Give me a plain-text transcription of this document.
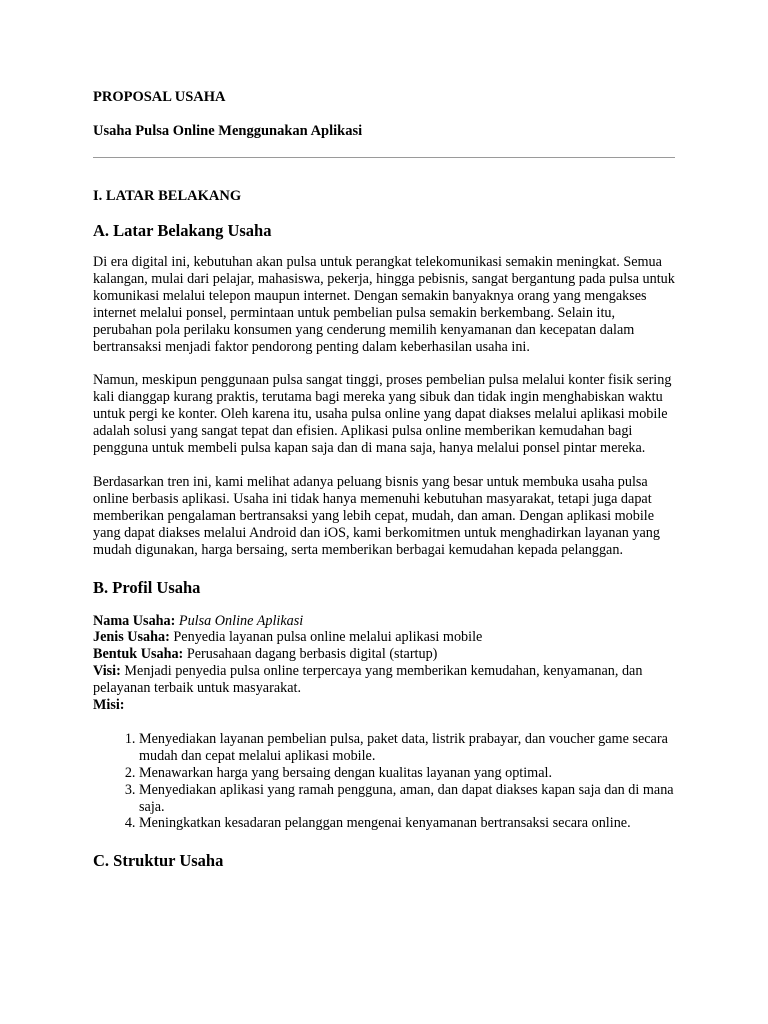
PROPOSAL USAHA

Usaha Pulsa Online Menggunakan Aplikasi

I. LATAR BELAKANG

A. Latar Belakang Usaha

Di era digital ini, kebutuhan akan pulsa untuk perangkat telekomunikasi semakin meningkat. Semua kalangan, mulai dari pelajar, mahasiswa, pekerja, hingga pebisnis, sangat bergantung pada pulsa untuk komunikasi melalui telepon maupun internet. Dengan semakin banyaknya orang yang mengakses internet melalui ponsel, permintaan untuk pembelian pulsa semakin berkembang. Selain itu, perubahan pola perilaku konsumen yang cenderung memilih kenyamanan dan kecepatan dalam bertransaksi menjadi faktor pendorong penting dalam keberhasilan usaha ini.

Namun, meskipun penggunaan pulsa sangat tinggi, proses pembelian pulsa melalui konter fisik sering kali dianggap kurang praktis, terutama bagi mereka yang sibuk dan tidak ingin menghabiskan waktu untuk pergi ke konter. Oleh karena itu, usaha pulsa online yang dapat diakses melalui aplikasi mobile adalah solusi yang sangat tepat dan efisien. Aplikasi pulsa online memberikan kemudahan bagi pengguna untuk membeli pulsa kapan saja dan di mana saja, hanya melalui ponsel pintar mereka.

Berdasarkan tren ini, kami melihat adanya peluang bisnis yang besar untuk membuka usaha pulsa online berbasis aplikasi. Usaha ini tidak hanya memenuhi kebutuhan masyarakat, tetapi juga dapat memberikan pengalaman bertransaksi yang lebih cepat, mudah, dan aman. Dengan aplikasi mobile yang dapat diakses melalui Android dan iOS, kami berkomitmen untuk menghadirkan layanan yang mudah digunakan, harga bersaing, serta memberikan berbagai kemudahan kepada pelanggan.

B. Profil Usaha

Nama Usaha: Pulsa Online Aplikasi
Jenis Usaha: Penyedia layanan pulsa online melalui aplikasi mobile
Bentuk Usaha: Perusahaan dagang berbasis digital (startup)
Visi: Menjadi penyedia pulsa online terpercaya yang memberikan kemudahan, kenyamanan, dan pelayanan terbaik untuk masyarakat.
Misi:
1. Menyediakan layanan pembelian pulsa, paket data, listrik prabayar, dan voucher game secara mudah dan cepat melalui aplikasi mobile.
2. Menawarkan harga yang bersaing dengan kualitas layanan yang optimal.
3. Menyediakan aplikasi yang ramah pengguna, aman, dan dapat diakses kapan saja dan di mana saja.
4. Meningkatkan kesadaran pelanggan mengenai kenyamanan bertransaksi secara online.

C. Struktur Usaha
